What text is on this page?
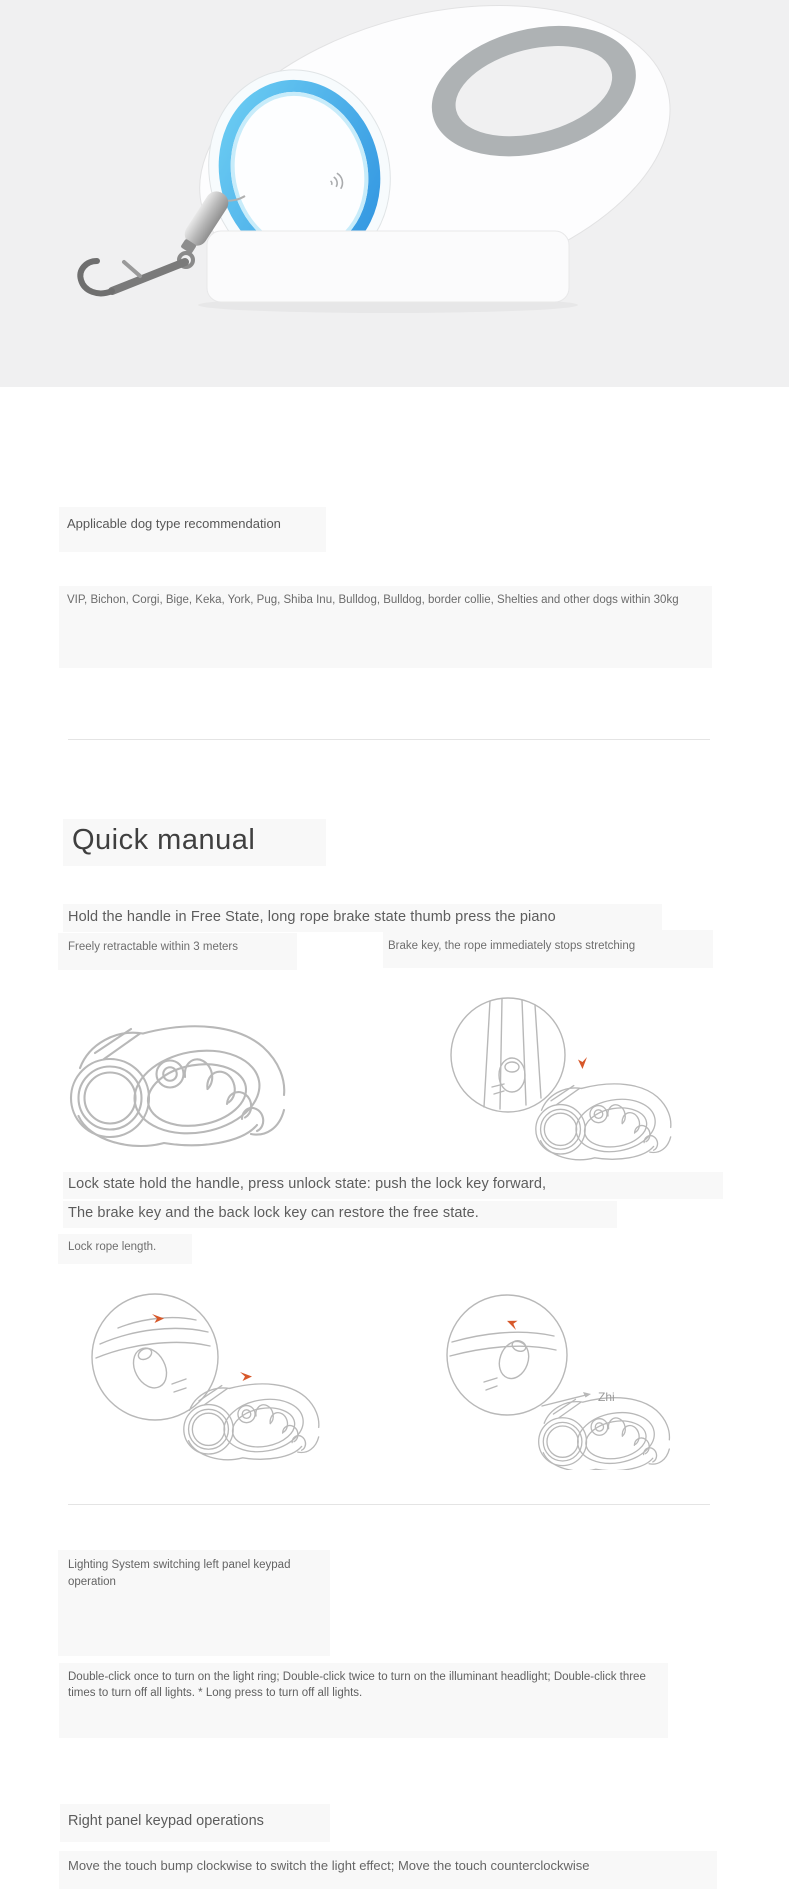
Applicable dog type recommendation
VIP, Bichon, Corgi, Bige, Keka, York, Pug, Shiba Inu, Bulldog, Bulldog, border collie, Shelties and other dogs within 30kg
Quick manual
Hold the handle in Free State, long rope brake state thumb press the piano
Freely retractable within 3 meters	Brake key, the rope immediately stops stretching
Lock state hold the handle, press unlock state: push the lock key forward,
The brake key and the back lock key can restore the free state.
Lock rope length.
Zhi
Lighting System switching left panel keypad operation
Double-click once to turn on the light ring; Double-click twice to turn on the illuminant headlight; Double-click three times to turn off all lights. * Long press to turn off all lights.
Right panel keypad operations
Move the touch bump clockwise to switch the light effect; Move the touch counterclockwise
